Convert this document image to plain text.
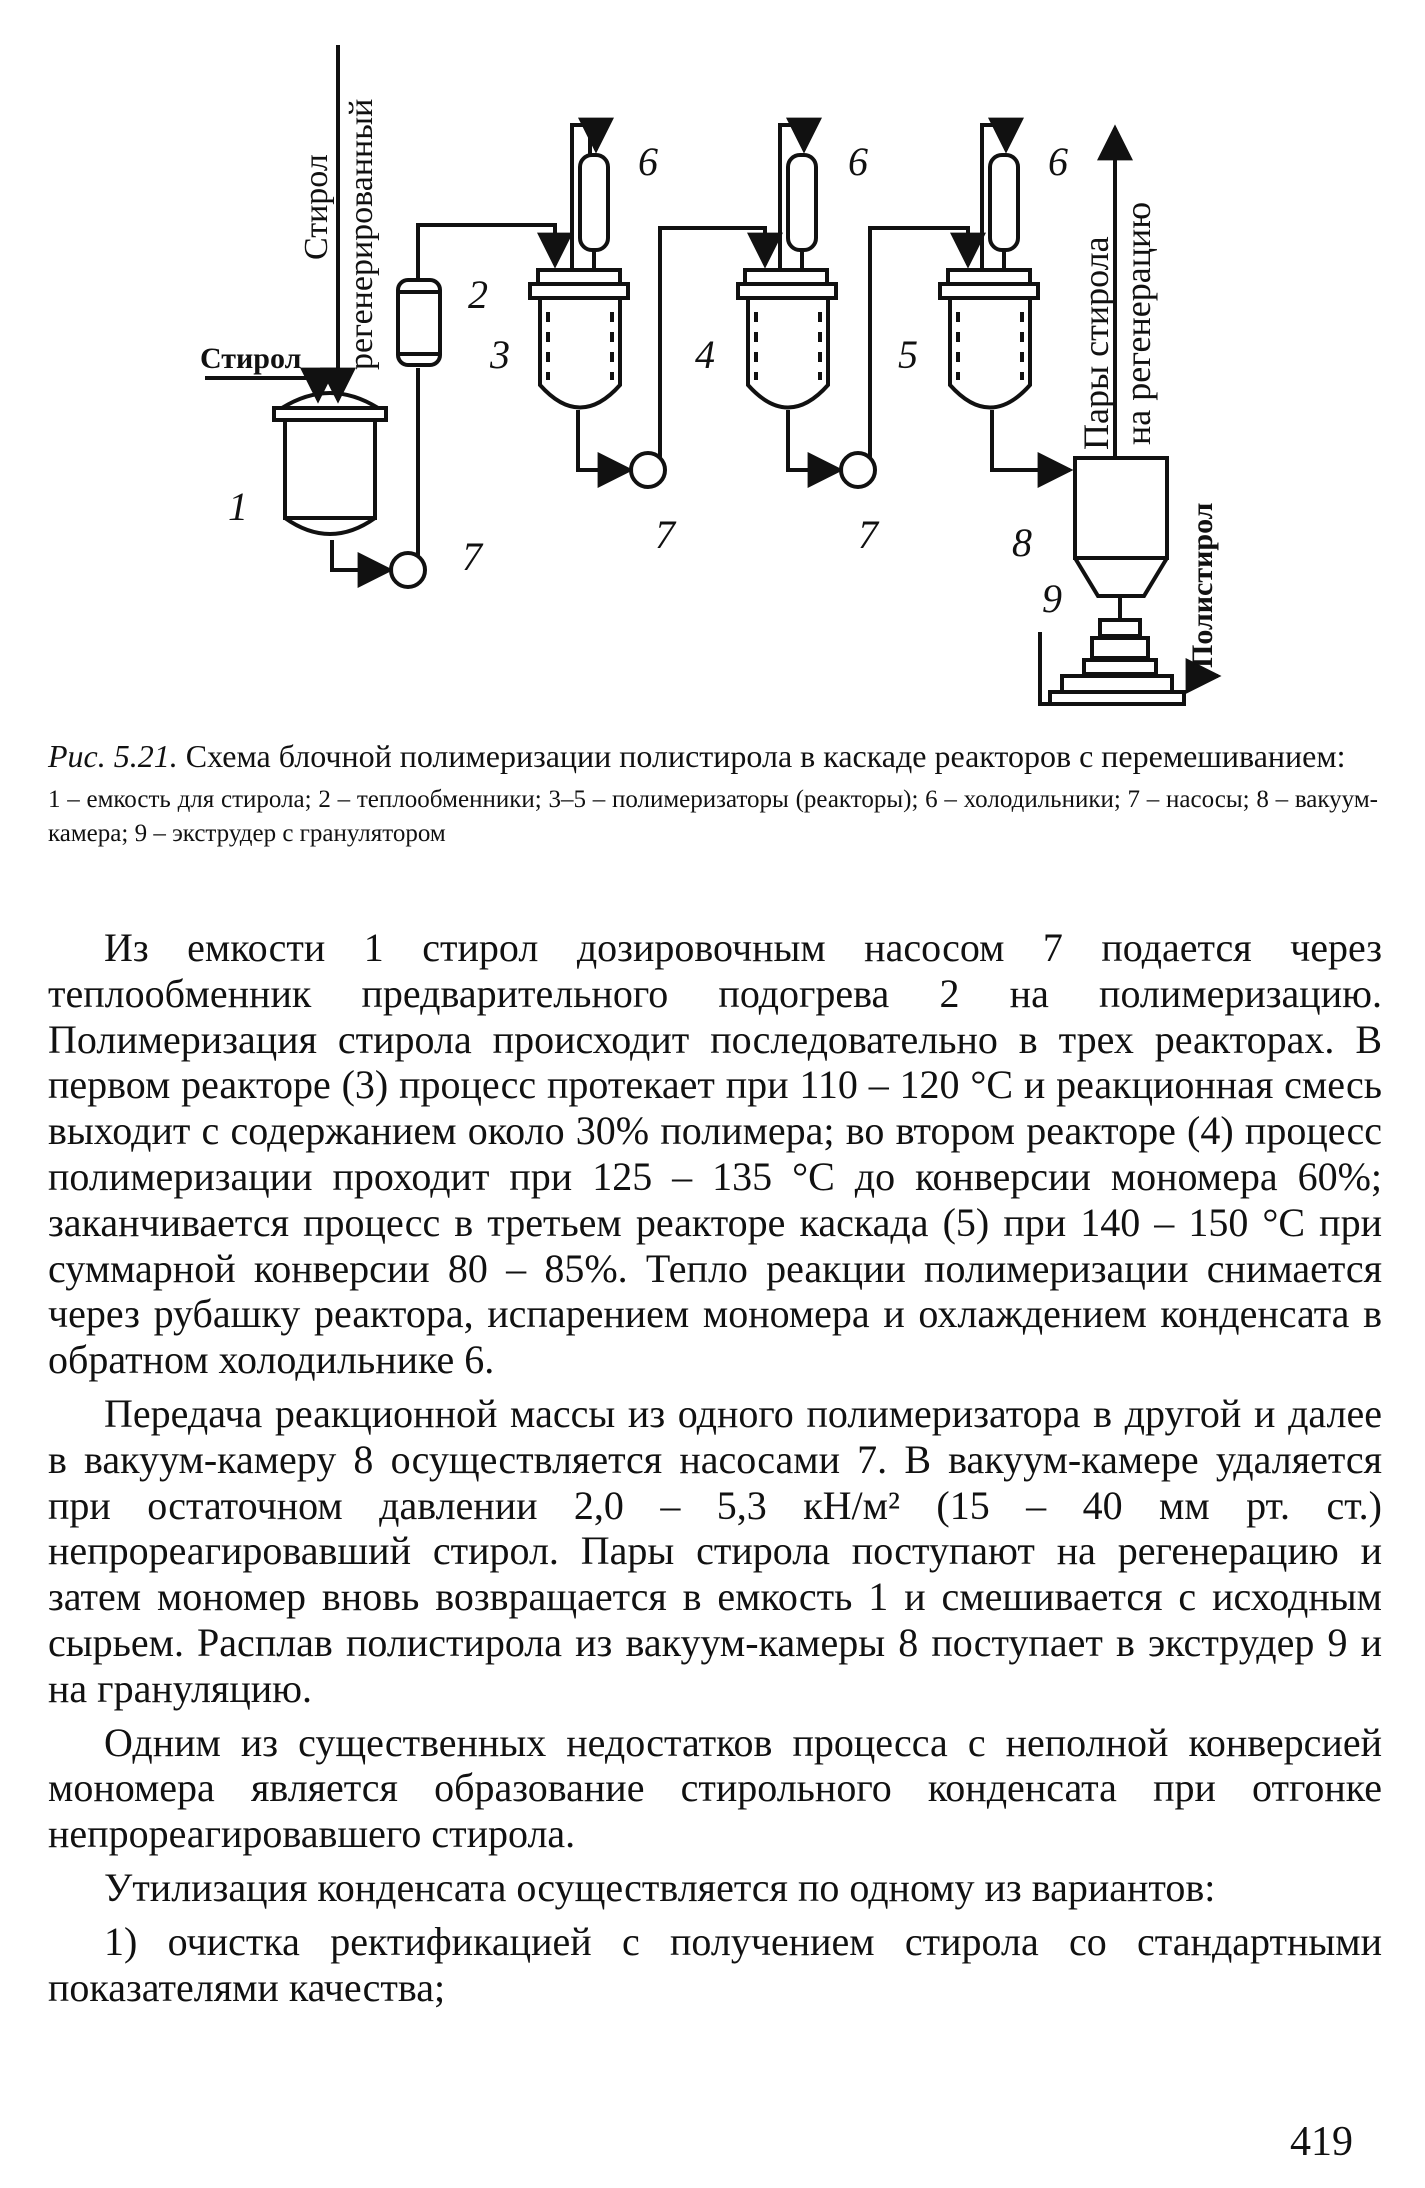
Стирол
Стирол регенерированный	Пары стирола на регенерацию
Полистирол
1
2
3	4	5
6	6	6
7	7	7	8
9

Рис. 5.21. Схема блочной полимеризации полистирола в каскаде реакторов с перемешиванием:

1 – емкость для стирола; 2 – теплообменники; 3–5 – полимеризаторы (реакторы); 6 – холодильники; 7 – насосы; 8 – вакуум-камера; 9 – экструдер с гранулятором

Из емкости 1 стирол дозировочным насосом 7 подается через теплообменник предварительного подогрева 2 на полимеризацию. Полимеризация стирола происходит последовательно в трех реакторах. В первом реакторе (3) процесс протекает при 110 – 120 °С и реакционная смесь выходит с содержанием около 30% полимера; во втором реакторе (4) процесс полимеризации проходит при 125 – 135 °С до конверсии мономера 60%; заканчивается процесс в третьем реакторе каскада (5) при 140 – 150 °С при суммарной конверсии 80 – 85%. Тепло реакции полимеризации снимается через рубашку реактора, испарением мономера и охлаждением конденсата в обратном холодильнике 6.

Передача реакционной массы из одного полимеризатора в другой и далее в вакуум-камеру 8 осуществляется насосами 7. В вакуум-камере удаляется при остаточном давлении 2,0 – 5,3 кН/м² (15 – 40 мм рт. ст.) непрореагировавший стирол. Пары стирола поступают на регенерацию и затем мономер вновь возвращается в емкость 1 и смешивается с исходным сырьем. Расплав полистирола из вакуум-камеры 8 поступает в экструдер 9 и на грануляцию.

Одним из существенных недостатков процесса с неполной конверсией мономера является образование стирольного конденсата при отгонке непрореагировавшего стирола.

Утилизация конденсата осуществляется по одному из вариантов:

1) очистка ректификацией с получением стирола со стандартными показателями качества;

419
